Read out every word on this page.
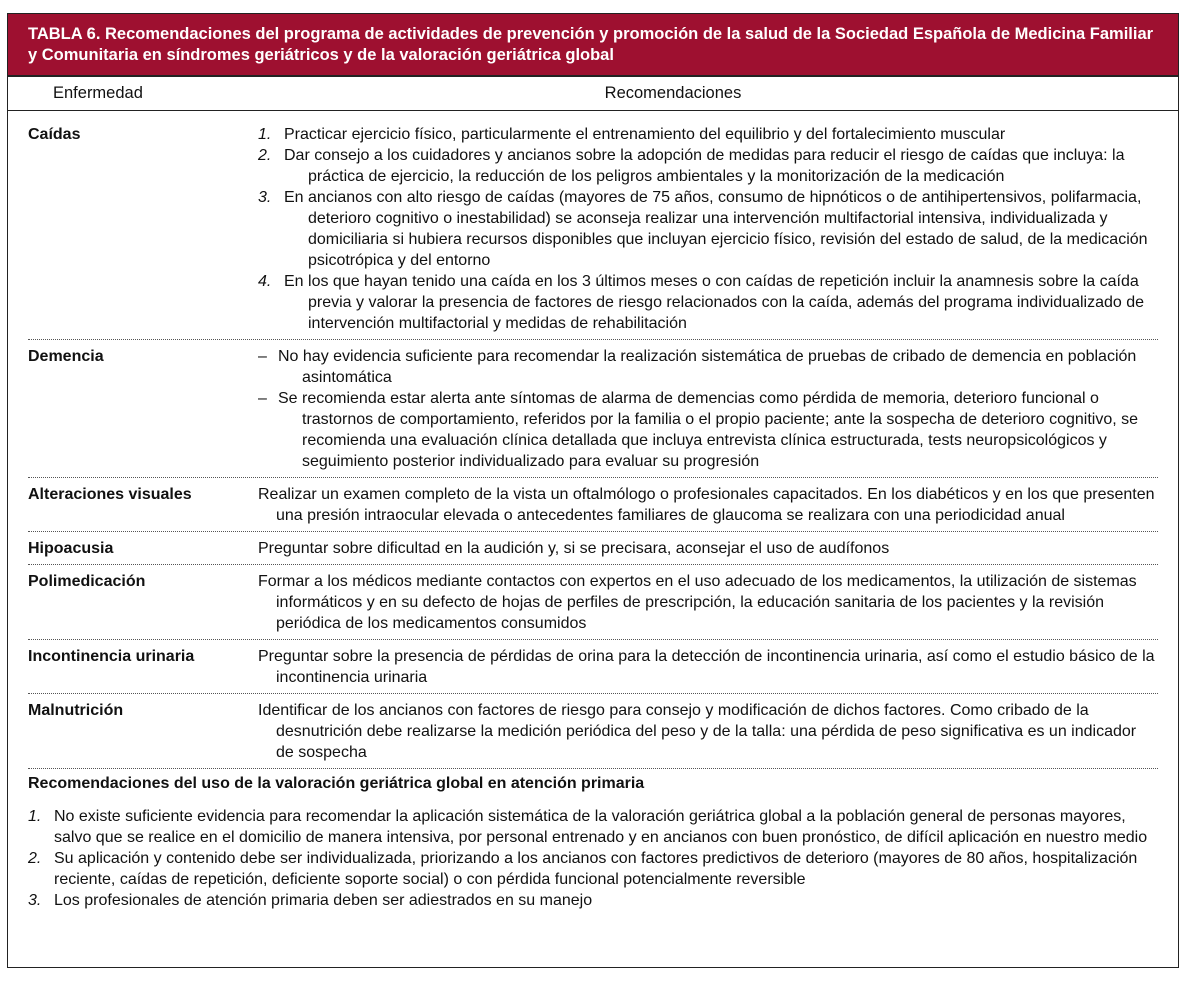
TABLA 6. Recomendaciones del programa de actividades de prevención y promoción de la salud de la Sociedad Española de Medicina Familiar y Comunitaria en síndromes geriátricos y de la valoración geriátrica global
Enfermedad	Recomendaciones
Caídas	1. Practicar ejercicio físico, particularmente el entrenamiento del equilibrio y del fortalecimiento muscular
2. Dar consejo a los cuidadores y ancianos sobre la adopción de medidas para reducir el riesgo de caídas que incluya: la práctica de ejercicio, la reducción de los peligros ambientales y la monitorización de la medicación
3. En ancianos con alto riesgo de caídas (mayores de 75 años, consumo de hipnóticos o de antihipertensivos, polifarmacia, deterioro cognitivo o inestabilidad) se aconseja realizar una intervención multifactorial intensiva, individualizada y domiciliaria si hubiera recursos disponibles que incluyan ejercicio físico, revisión del estado de salud, de la medicación psicotrópica y del entorno
4. En los que hayan tenido una caída en los 3 últimos meses o con caídas de repetición incluir la anamnesis sobre la caída previa y valorar la presencia de factores de riesgo relacionados con la caída, además del programa individualizado de intervención multifactorial y medidas de rehabilitación
Demencia	– No hay evidencia suficiente para recomendar la realización sistemática de pruebas de cribado de demencia en población asintomática
– Se recomienda estar alerta ante síntomas de alarma de demencias como pérdida de memoria, deterioro funcional o trastornos de comportamiento, referidos por la familia o el propio paciente; ante la sospecha de deterioro cognitivo, se recomienda una evaluación clínica detallada que incluya entrevista clínica estructurada, tests neuropsicológicos y seguimiento posterior individualizado para evaluar su progresión
Alteraciones visuales	Realizar un examen completo de la vista un oftalmólogo o profesionales capacitados. En los diabéticos y en los que presenten una presión intraocular elevada o antecedentes familiares de glaucoma se realizara con una periodicidad anual
Hipoacusia	Preguntar sobre dificultad en la audición y, si se precisara, aconsejar el uso de audífonos
Polimedicación	Formar a los médicos mediante contactos con expertos en el uso adecuado de los medicamentos, la utilización de sistemas informáticos y en su defecto de hojas de perfiles de prescripción, la educación sanitaria de los pacientes y la revisión periódica de los medicamentos consumidos
Incontinencia urinaria	Preguntar sobre la presencia de pérdidas de orina para la detección de incontinencia urinaria, así como el estudio básico de la incontinencia urinaria
Malnutrición	Identificar de los ancianos con factores de riesgo para consejo y modificación de dichos factores. Como cribado de la desnutrición debe realizarse la medición periódica del peso y de la talla: una pérdida de peso significativa es un indicador de sospecha
Recomendaciones del uso de la valoración geriátrica global en atención primaria
1. No existe suficiente evidencia para recomendar la aplicación sistemática de la valoración geriátrica global a la población general de personas mayores, salvo que se realice en el domicilio de manera intensiva, por personal entrenado y en ancianos con buen pronóstico, de difícil aplicación en nuestro medio
2. Su aplicación y contenido debe ser individualizada, priorizando a los ancianos con factores predictivos de deterioro (mayores de 80 años, hospitalización reciente, caídas de repetición, deficiente soporte social) o con pérdida funcional potencialmente reversible
3. Los profesionales de atención primaria deben ser adiestrados en su manejo
